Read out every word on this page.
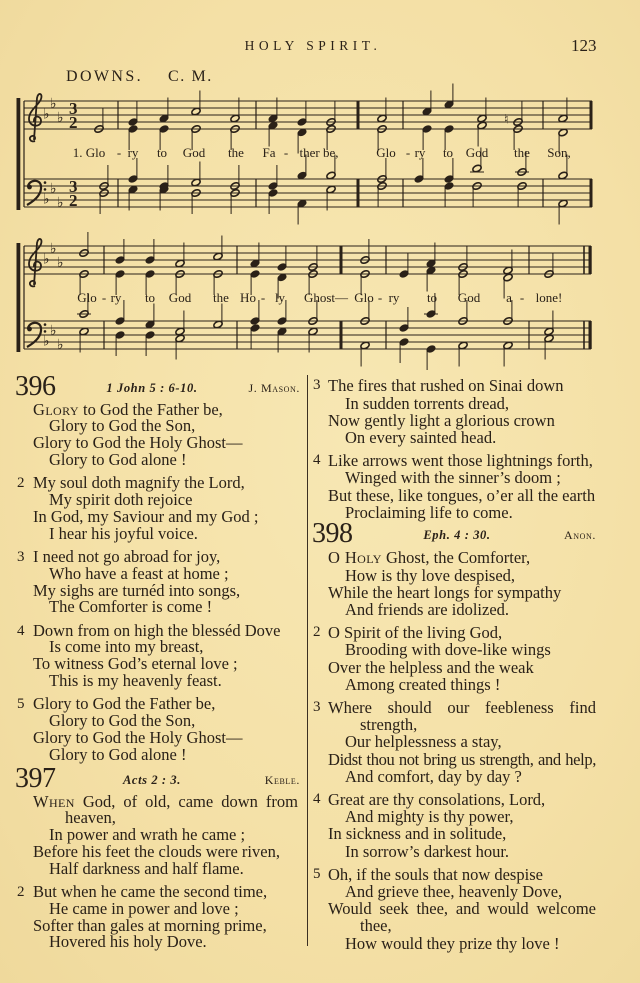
HOLY SPIRIT.	123
DOWNS. C. M.
♭
♭
♭ 3
2	♮
♭
♭
♭
3
2
♭
♭
♭
♭
♭
♭
1. Glo - ry to God the Fa - ther be,	Glo - ry to God the Son,
Glo - ry to God the Ho - ly Ghost— Glo - ry to God a - lone!
396	1 John 5 : 6-10.	J. Mason.
Glory to God the Father be,
Glory to God the Son,
Glory to God the Holy Ghost—
Glory to God alone !
2 My soul doth magnify the Lord,
My spirit doth rejoice
In God, my Saviour and my God ;
I hear his joyful voice.
3 I need not go abroad for joy,
Who have a feast at home ;
My sighs are turnéd into songs,
The Comforter is come !
4 Down from on high the blesséd Dove
Is come into my breast,
To witness God’s eternal love ;
This is my heavenly feast.
5 Glory to God the Father be,
Glory to God the Son,
Glory to God the Holy Ghost—
Glory to God alone !
397	Acts 2 : 3.	Keble.
When God, of old, came down from
heaven,
In power and wrath he came ;
Before his feet the clouds were riven,
Half darkness and half flame.
2 But when he came the second time,
He came in power and love ;
Softer than gales at morning prime,
Hovered his holy Dove.
3 The fires that rushed on Sinai down
In sudden torrents dread,
Now gently light a glorious crown
On every sainted head.
4 Like arrows went those lightnings forth,
Winged with the sinner’s doom ;
But these, like tongues, o’er all the earth
Proclaiming life to come.
398	Eph. 4 : 30.	Anon.
O Holy Ghost, the Comforter,
How is thy love despised,
While the heart longs for sympathy
And friends are idolized.
2 O Spirit of the living God,
Brooding with dove-like wings
Over the helpless and the weak
Among created things !
3 Where should our feebleness find
strength,
Our helplessness a stay,
Didst thou not bring us strength, and help,
And comfort, day by day ?
4 Great are thy consolations, Lord,
And mighty is thy power,
In sickness and in solitude,
In sorrow’s darkest hour.
5 Oh, if the souls that now despise
And grieve thee, heavenly Dove,
Would seek thee, and would welcome
thee,
How would they prize thy love !
